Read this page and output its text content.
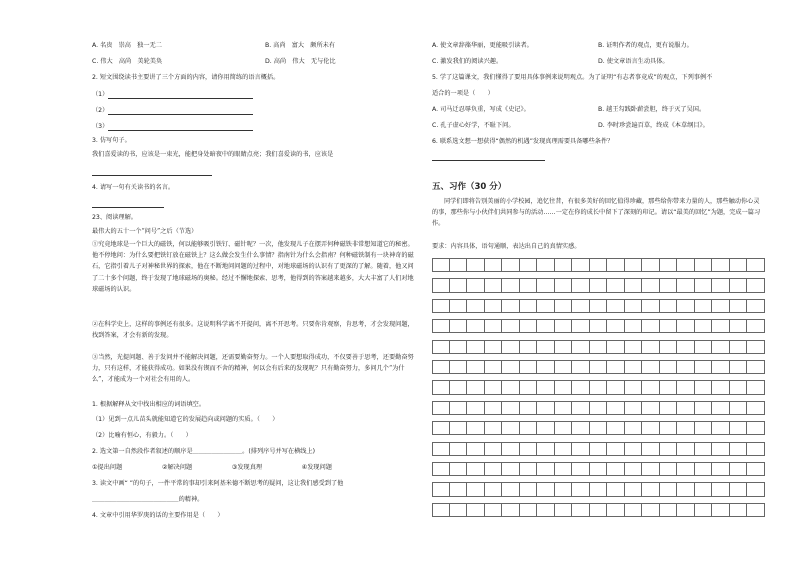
A. 名贵　崇高　独一无二	B. 高尚　富大　颇所未有
C. 伟大　高尚　美轮美奂	D. 高尚　伟大　无与伦比
2. 短文围绕读书主要讲了三个方面的内容，请你用简练的语言概括。
（1）
（2）
（3）
3. 仿写句子。
我们喜爱读的书，应该是一束光，能把身处暗夜中的眼睛点亮；我们喜爱读的书，应该是
4. 请写一句有关读书的名言。
23、阅读理解。
最伟大的五十一个“问号”之后（节选）
①究竟地球是一个巨大的磁铁，何以能够吸引铁钉、磁针呢？一次，他发现儿子在摆弄何种磁铁非常想知道它的秘密。他不停地问：为什么要把铁钉放在磁铁上？这么做会发生什么事情？指南针为什么会指南？何种磁铁制有一块神奇的磁石，它指引着儿子对神秘世界的探索，他在不断地问问题的过程中，对地球磁场的认识有了更深的了解。随着，他又问了二十多个问题，终于发现了地球磁场的奥秘。经过不懈地探索、思考，他得到的答案越来越多，大大丰富了人们对地球磁场的认识。
②在科学史上，这样的事例还有很多。这说明科学离不开提问，离不开思考。只要你肯观察，肯思考，才会发现问题，找到答案，才会有新的发现。
③当然，光提问题、善于发问并不能解决问题，还需要勤奋努力。一个人要想取得成功，不仅要善于思考，还要勤奋努力，只有这样，才能获得成功。如果没有锲而不舍的精神，何以会有后来的发现呢？只有勤奋努力，多问几个“为什么”，才能成为一个对社会有用的人。
1. 根据解释从文中找出相应的词语填空。
（1）见到一点儿苗头就能知道它的发展趋向或问题的实质。（　　）
（2）比喻有恒心，有毅力。（　　）
2. 选文第一自然段作者叙述的顺序是＿＿＿＿＿＿＿＿。(排列序号并写在横线上)
①提出问题	②解决问题	③发现真理	④发现问题
3. 读文中画“ ”的句子，一件平常的事却引来阿基米德不断思考的疑问，这让我们感受到了他
＿＿＿＿＿＿＿＿＿＿＿＿＿＿的精神。
4. 文章中引用华罗庚的话的主要作用是（　　）
A. 使文章辞藻华丽，更能吸引读者。	B. 证明作者的观点，更有说服力。
C. 激发我们的阅读兴趣。	D. 使文章语言生动具体。
5. 学了这篇课文，我们懂得了要用具体事例来说明观点。为了证明“有志者事竟成”的观点，下列事例不
适合的一项是（　　）
A. 司马迁忍辱负重，写成《史记》。	B. 越王勾践卧薪尝胆，终于灭了吴国。
C. 孔子虚心好学，不耻下问。	D. 李时珍尝遍百草，终成《本草纲目》。
6. 联系选文想一想获得“偶然的机遇”发现真理需要具备哪些条件？
五、习作（30 分）
同学们即将告别美丽的小学校园，追忆往昔，有很多美好的回忆值得珍藏，那些给你带来力量的人，那些触动你心灵的事，那些你与小伙伴们共同参与的活动……一定在你的成长中留下了深刻的印记。请以“最美的回忆”为题，完成一篇习作。
要求：内容具体，语句通顺，表达出自己的真情实感。
